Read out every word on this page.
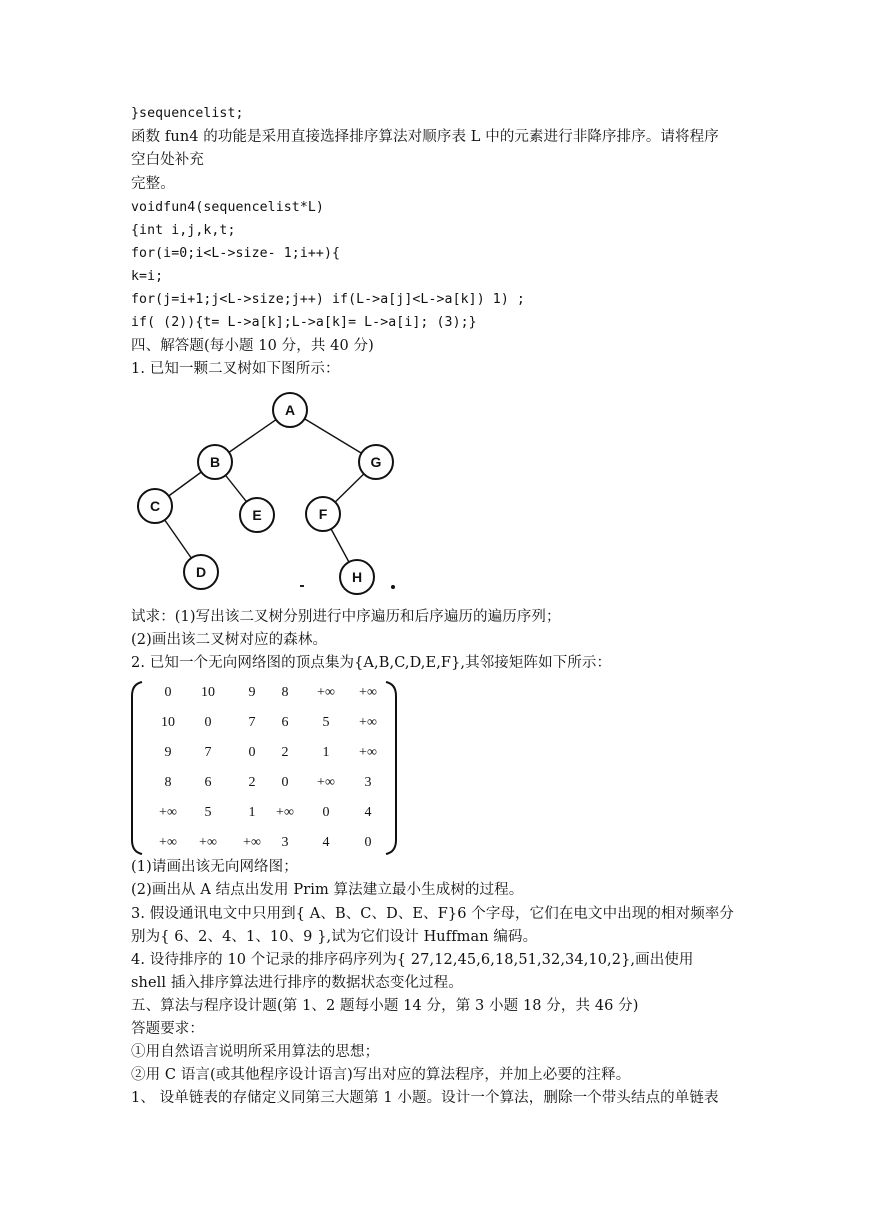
}sequencelist;
函数 fun4 的功能是采用直接选择排序算法对顺序表 L 中的元素进行非降序排序。请将程序
空白处补充
完整。
voidfun4(sequencelist*L)
{int i,j,k,t;
for(i=0;i<L->size- 1;i++){
k=i;
for(j=i+1;j<L->size;j++) if(L->a[j]<L->a[k]) 1) ;
if( (2)){t= L->a[k];L->a[k]= L->a[i]; (3);}
四、解答题(每小题 10 分，共 40 分)
1. 已知一颗二叉树如下图所示：
A
B	G
C
E	F
D	H
试求：(1)写出该二叉树分别进行中序遍历和后序遍历的遍历序列；
(2)画出该二叉树对应的森林。
2. 已知一个无向网络图的顶点集为{A,B,C,D,E,F},其邻接矩阵如下所示：
0 10 9 8 +∞ +∞
10 0	7 6 5 +∞
9 7	0 2 1 +∞
8 6	2 0 +∞ 3
+∞ 5	1 +∞ 0	4
+∞ +∞ +∞ 3 4	0
(1)请画出该无向网络图；
(2)画出从 A 结点出发用 Prim 算法建立最小生成树的过程。
3. 假设通讯电文中只用到{ A、B、C、D、E、F}6 个字母，它们在电文中出现的相对频率分
别为{ 6、2、4、1、10、9 },试为它们设计 Huffman 编码。
4. 设待排序的 10 个记录的排序码序列为{ 27,12,45,6,18,51,32,34,10,2},画出使用
shell 插入排序算法进行排序的数据状态变化过程。
五、算法与程序设计题(第 1、2 题每小题 14 分，第 3 小题 18 分，共 46 分)
答题要求：
①用自然语言说明所采用算法的思想；
②用 C 语言(或其他程序设计语言)写出对应的算法程序，并加上必要的注释。
1、 设单链表的存储定义同第三大题第 1 小题。设计一个算法，删除一个带头结点的单链表
